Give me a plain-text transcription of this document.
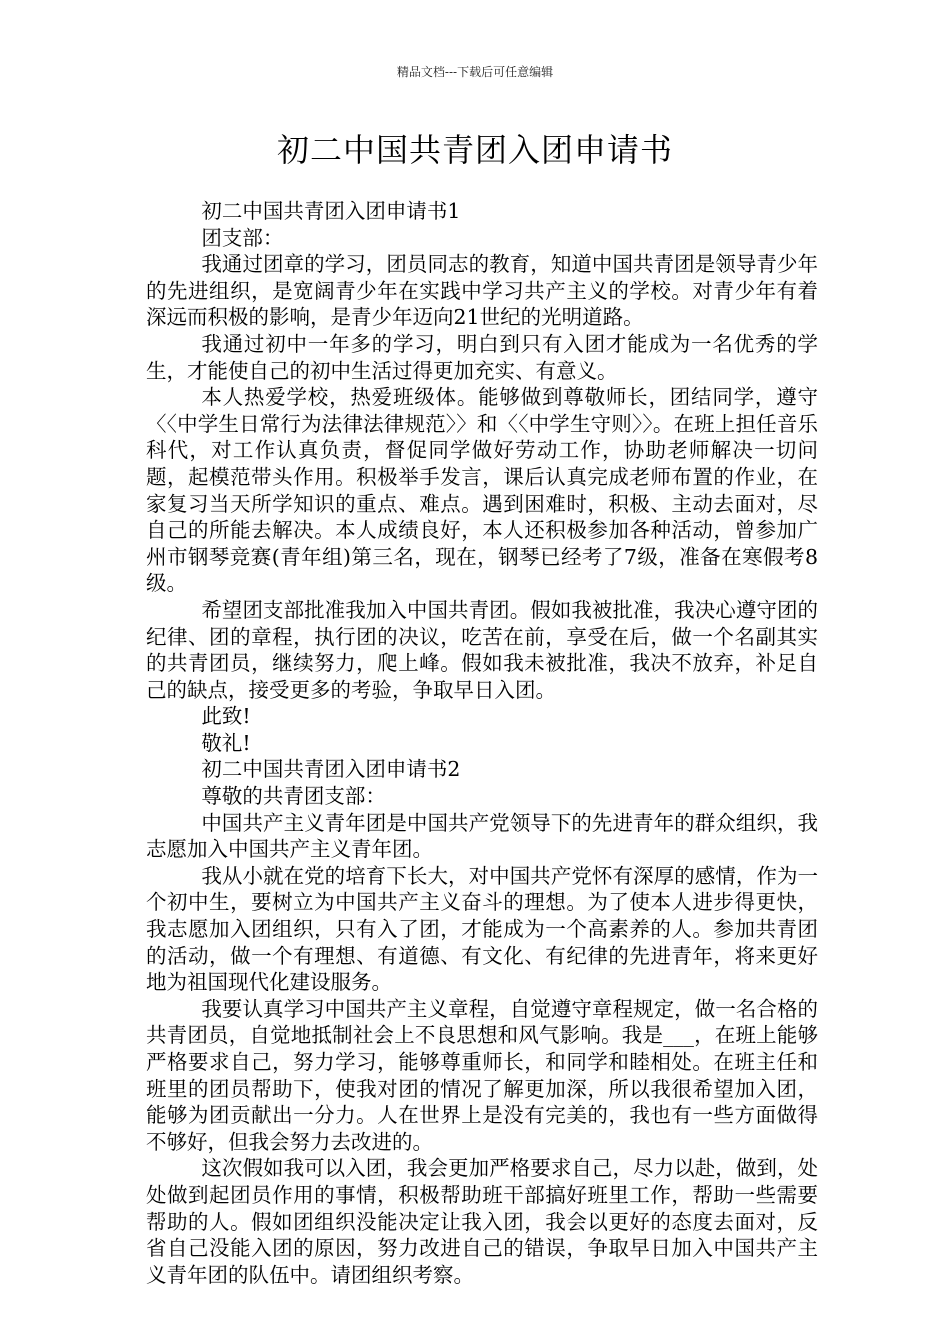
精品文档---下载后可任意编辑
初二中国共青团入团申请书

初二中国共青团入团申请书1

团支部：

我通过团章的学习，团员同志的教育，知道中国共青团是领导青少年的先进组织，是宽阔青少年在实践中学习共产主义的学校。对青少年有着深远而积极的影响，是青少年迈向21世纪的光明道路。

我通过初中一年多的学习，明白到只有入团才能成为一名优秀的学生，才能使自己的初中生活过得更加充实、有意义。

本人热爱学校，热爱班级体。能够做到尊敬师长，团结同学，遵守〈〈中学生日常行为法律法律规范〉〉和〈〈中学生守则〉〉。在班上担任音乐科代，对工作认真负责，督促同学做好劳动工作，协助老师解决一切问题，起模范带头作用。积极举手发言，课后认真完成老师布置的作业，在家复习当天所学知识的重点、难点。遇到困难时，积极、主动去面对，尽自己的所能去解决。本人成绩良好，本人还积极参加各种活动，曾参加广州市钢琴竞赛(青年组)第三名，现在，钢琴已经考了7级，准备在寒假考8级。

希望团支部批准我加入中国共青团。假如我被批准，我决心遵守团的纪律、团的章程，执行团的决议，吃苦在前，享受在后，做一个名副其实的共青团员，继续努力，爬上峰。假如我未被批准，我决不放弃，补足自己的缺点，接受更多的考验，争取早日入团。

此致!

敬礼!

初二中国共青团入团申请书2

尊敬的共青团支部：

中国共产主义青年团是中国共产党领导下的先进青年的群众组织，我志愿加入中国共产主义青年团。

我从小就在党的培育下长大，对中国共产党怀有深厚的感情，作为一个初中生，要树立为中国共产主义奋斗的理想。为了使本人进步得更快，我志愿加入团组织，只有入了团，才能成为一个高素养的人。参加共青团的活动，做一个有理想、有道德、有文化、有纪律的先进青年，将来更好地为祖国现代化建设服务。

我要认真学习中国共产主义章程，自觉遵守章程规定，做一名合格的共青团员，自觉地抵制社会上不良思想和风气影响。我是___，在班上能够严格要求自己，努力学习，能够尊重师长，和同学和睦相处。在班主任和班里的团员帮助下，使我对团的情况了解更加深，所以我很希望加入团，能够为团贡献出一分力。人在世界上是没有完美的，我也有一些方面做得不够好，但我会努力去改进的。

这次假如我可以入团，我会更加严格要求自己，尽力以赴，做到，处处做到起团员作用的事情，积极帮助班干部搞好班里工作，帮助一些需要帮助的人。假如团组织没能决定让我入团，我会以更好的态度去面对，反省自己没能入团的原因，努力改进自己的错误，争取早日加入中国共产主义青年团的队伍中。请团组织考察。
